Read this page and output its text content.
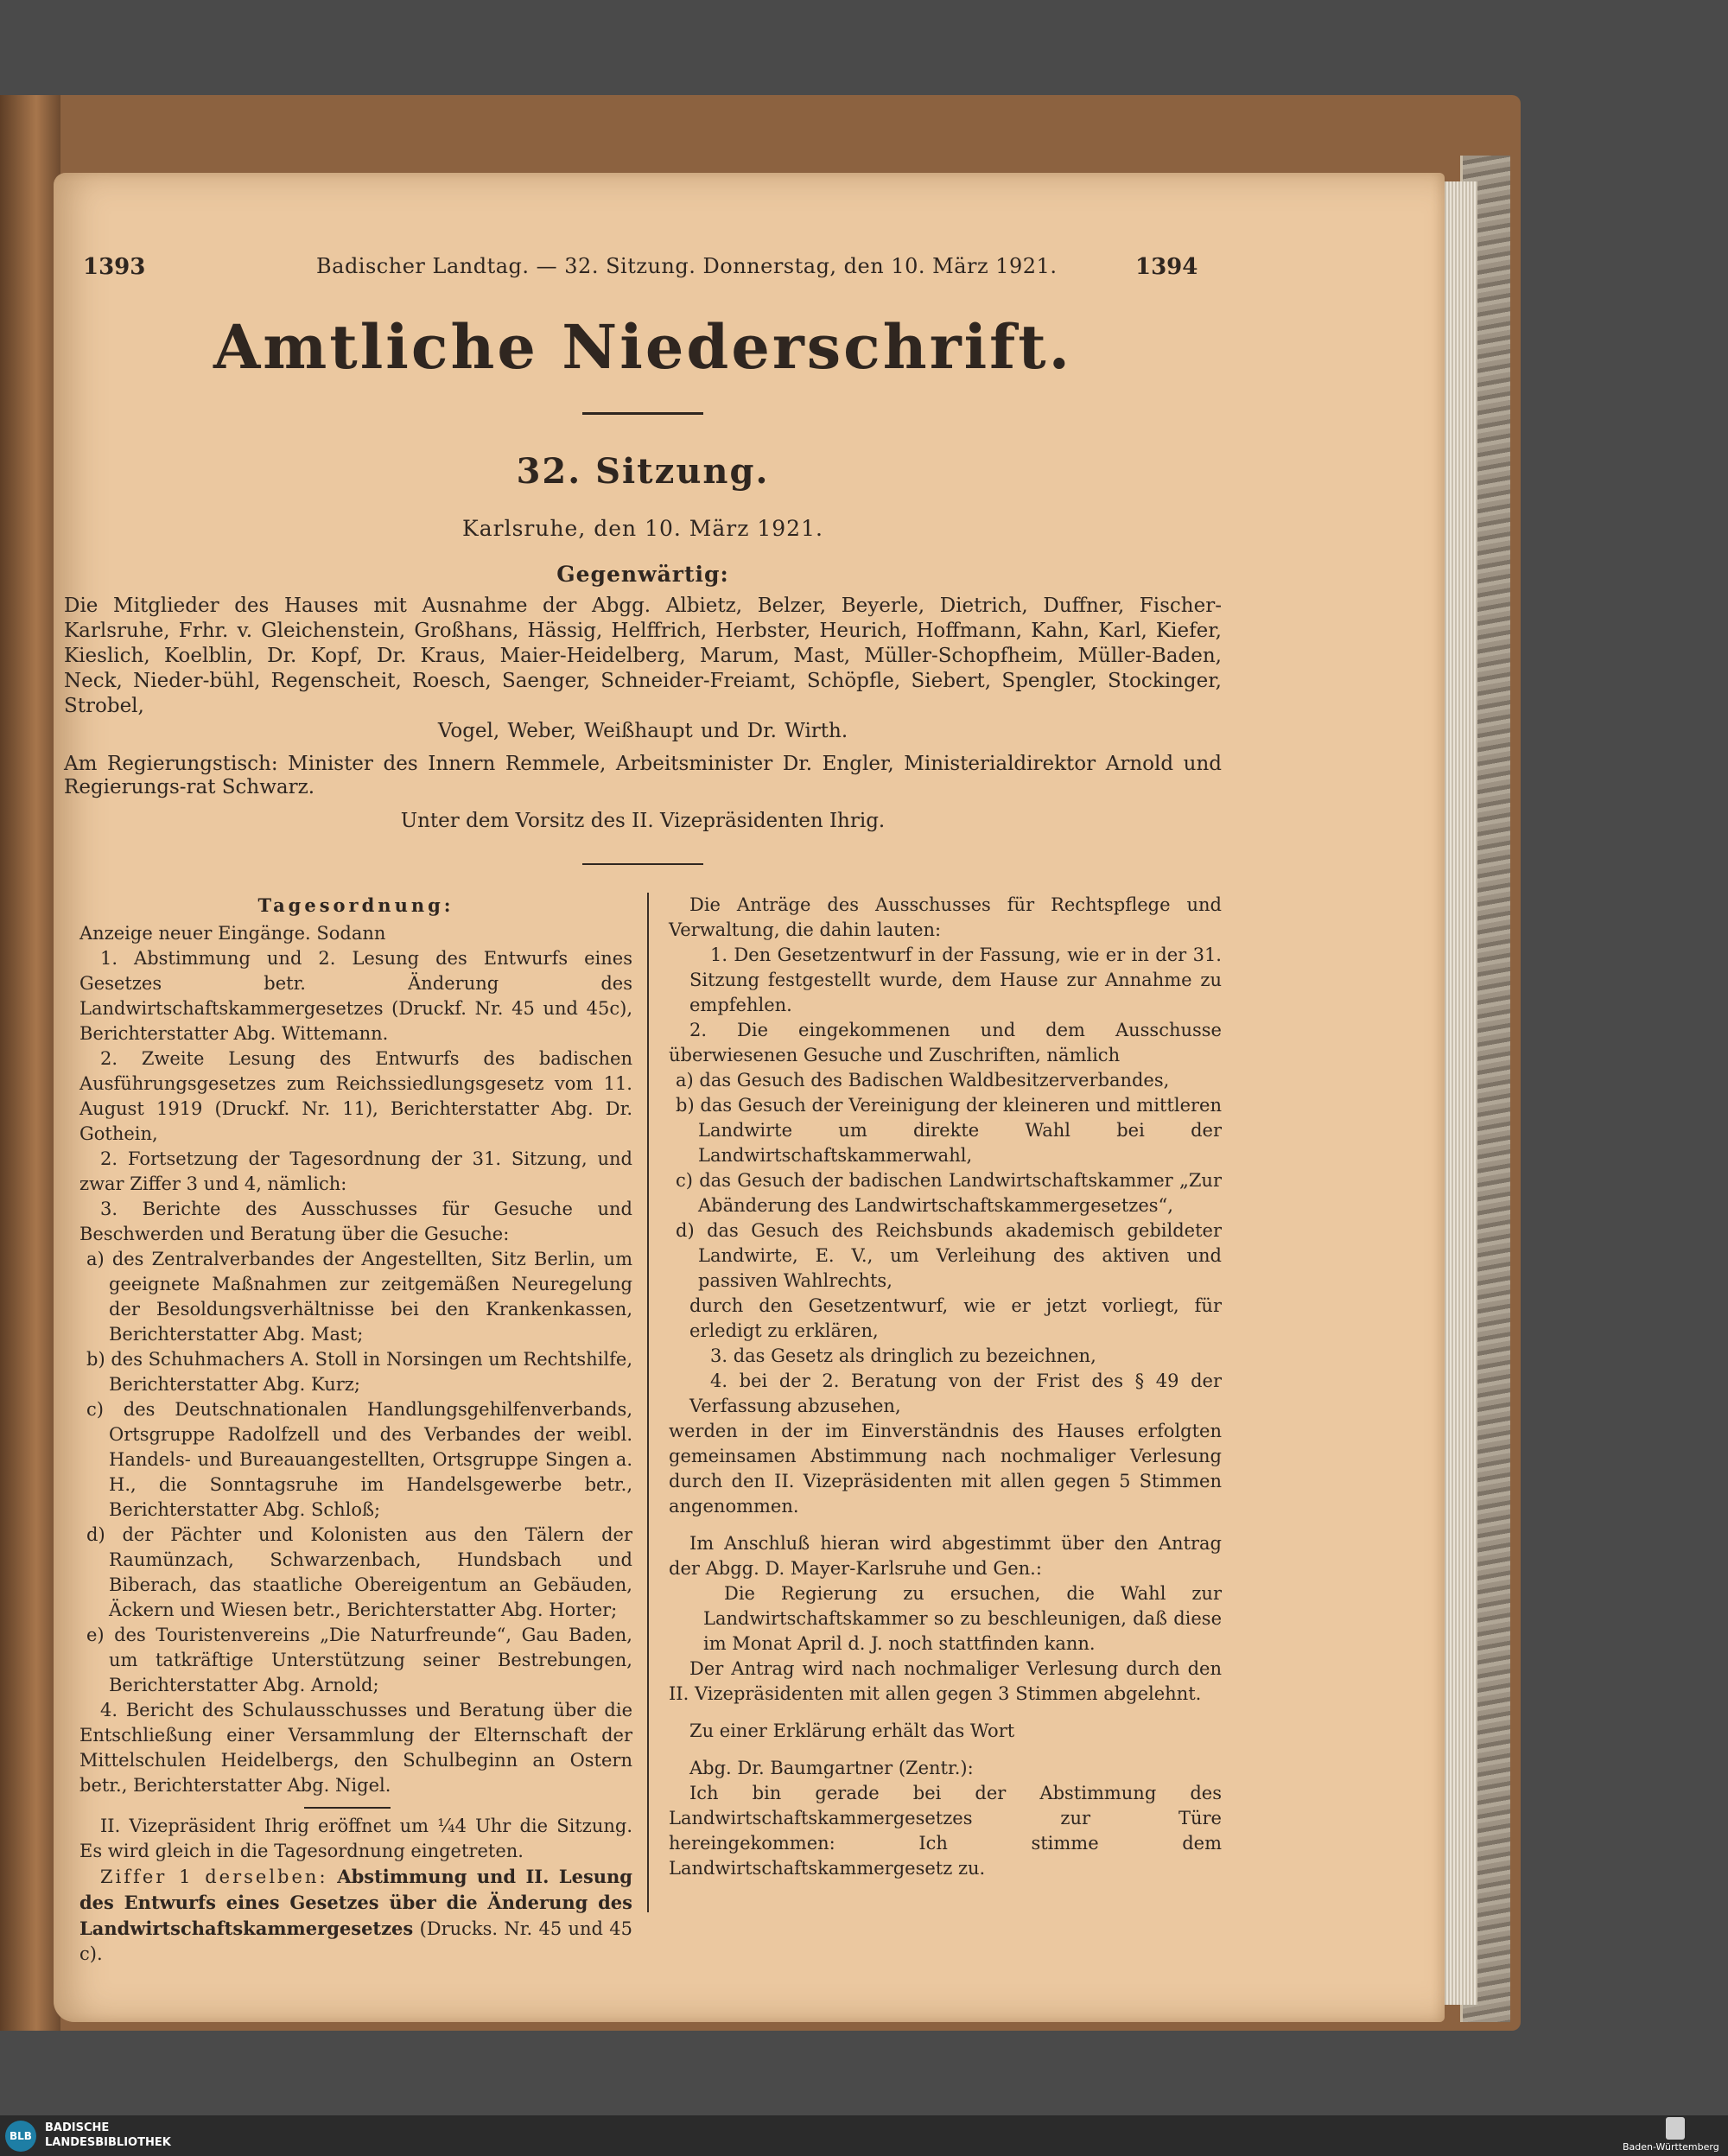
1393	Badischer Landtag. — 32. Sitzung. Donnerstag, den 10. März 1921.	1394
Amtliche Niederschrift.
32. Sitzung.
Karlsruhe, den 10. März 1921.
Gegenwärtig:
Die Mitglieder des Hauses mit Ausnahme der Abgg. Albietz, Belzer, Beyerle, Dietrich, Duffner, Fischer-Karlsruhe, Frhr. v. Gleichenstein, Großhans, Hässig, Helffrich, Herbster, Heurich, Hoffmann, Kahn, Karl, Kiefer, Kieslich, Koelblin, Dr. Kopf, Dr. Kraus, Maier-Heidelberg, Marum, Mast, Müller-Schopfheim, Müller-Baden, Neck, Nieder-bühl, Regenscheit, Roesch, Saenger, Schneider-Freiamt, Schöpfle, Siebert, Spengler, Stockinger, Strobel,
Vogel, Weber, Weißhaupt und Dr. Wirth.
Am Regierungstisch: Minister des Innern Remmele, Arbeitsminister Dr. Engler, Ministerialdirektor Arnold und Regierungs-rat Schwarz.
Unter dem Vorsitz des II. Vizepräsidenten Ihrig.

Tagesordnung:

Anzeige neuer Eingänge. Sodann

1. Abstimmung und 2. Lesung des Entwurfs eines Gesetzes betr. Änderung des Landwirtschaftskammergesetzes (Druckf. Nr. 45 und 45c), Berichterstatter Abg. Wittemann.

2. Zweite Lesung des Entwurfs des badischen Ausführungsgesetzes zum Reichssiedlungsgesetz vom 11. August 1919 (Druckf. Nr. 11), Berichterstatter Abg. Dr. Gothein,

2. Fortsetzung der Tagesordnung der 31. Sitzung, und zwar Ziffer 3 und 4, nämlich:

3. Berichte des Ausschusses für Gesuche und Beschwerden und Beratung über die Gesuche:

a) des Zentralverbandes der Angestellten, Sitz Berlin, um geeignete Maßnahmen zur zeitgemäßen Neuregelung der Besoldungsverhältnisse bei den Krankenkassen, Berichterstatter Abg. Mast;

b) des Schuhmachers A. Stoll in Norsingen um Rechtshilfe, Berichterstatter Abg. Kurz;

c) des Deutschnationalen Handlungsgehilfenverbands, Ortsgruppe Radolfzell und des Verbandes der weibl. Handels- und Bureauangestellten, Ortsgruppe Singen a. H., die Sonntagsruhe im Handelsgewerbe betr., Berichterstatter Abg. Schloß;

d) der Pächter und Kolonisten aus den Tälern der Raumünzach, Schwarzenbach, Hundsbach und Biberach, das staatliche Obereigentum an Gebäuden, Äckern und Wiesen betr., Berichterstatter Abg. Horter;

e) des Touristenvereins „Die Naturfreunde“, Gau Baden, um tatkräftige Unterstützung seiner Bestrebungen, Berichterstatter Abg. Arnold;

4. Bericht des Schulausschusses und Beratung über die Entschließung einer Versammlung der Elternschaft der Mittelschulen Heidelbergs, den Schulbeginn an Ostern betr., Berichterstatter Abg. Nigel.

II. Vizepräsident Ihrig eröffnet um ¼4 Uhr die Sitzung. Es wird gleich in die Tagesordnung eingetreten.

Ziffer 1 derselben: Abstimmung und II. Lesung des Entwurfs eines Gesetzes über die Änderung des Landwirtschaftskammergesetzes (Drucks. Nr. 45 und 45 c).

Die Anträge des Ausschusses für Rechtspflege und Verwaltung, die dahin lauten:

1. Den Gesetzentwurf in der Fassung, wie er in der 31. Sitzung festgestellt wurde, dem Hause zur Annahme zu empfehlen.

2. Die eingekommenen und dem Ausschusse überwiesenen Gesuche und Zuschriften, nämlich

a) das Gesuch des Badischen Waldbesitzerverbandes,

b) das Gesuch der Vereinigung der kleineren und mittleren Landwirte um direkte Wahl bei der Landwirtschaftskammerwahl,

c) das Gesuch der badischen Landwirtschaftskammer „Zur Abänderung des Landwirtschaftskammergesetzes“,

d) das Gesuch des Reichsbunds akademisch gebildeter Landwirte, E. V., um Verleihung des aktiven und passiven Wahlrechts,

durch den Gesetzentwurf, wie er jetzt vorliegt, für erledigt zu erklären,

3. das Gesetz als dringlich zu bezeichnen,

4. bei der 2. Beratung von der Frist des § 49 der Verfassung abzusehen,

werden in der im Einverständnis des Hauses erfolgten gemeinsamen Abstimmung nach nochmaliger Verlesung durch den II. Vizepräsidenten mit allen gegen 5 Stimmen angenommen.

Im Anschluß hieran wird abgestimmt über den Antrag der Abgg. D. Mayer-Karlsruhe und Gen.:

Die Regierung zu ersuchen, die Wahl zur Landwirtschaftskammer so zu beschleunigen, daß diese im Monat April d. J. noch stattfinden kann.

Der Antrag wird nach nochmaliger Verlesung durch den II. Vizepräsidenten mit allen gegen 3 Stimmen abgelehnt.

Zu einer Erklärung erhält das Wort

Abg. Dr. Baumgartner (Zentr.):

Ich bin gerade bei der Abstimmung des Landwirtschaftskammergesetzes zur Türe hereingekommen: Ich stimme dem Landwirtschaftskammergesetz zu.

BLB
BADISCHE
LANDESBIBLIOTHEK	Baden-Württemberg
